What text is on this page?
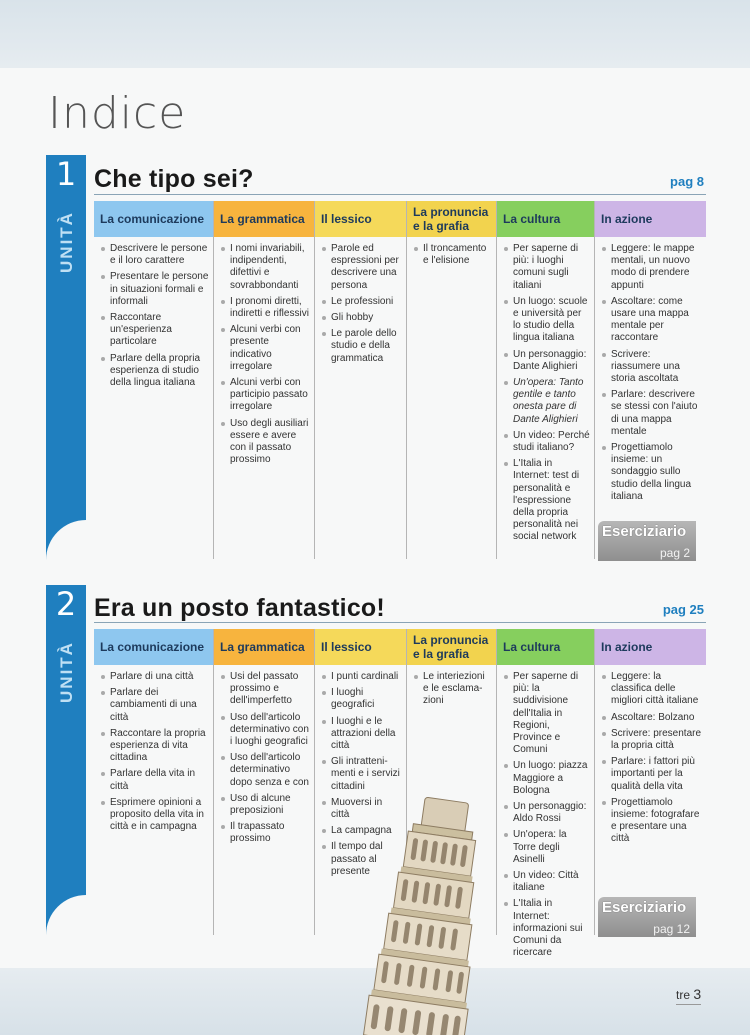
Indice
1
UNITÀ
Che tipo sei?	pag 8
La comunicazione
Descrivere le persone e il loro carattere
Presentare le persone in situazioni formali e informali
Raccontare un'esperienza particolare
Parlare della propria esperienza di studio della lingua italiana
La grammatica
I nomi invariabili, indipendenti, difettivi e sovrabbondanti
I pronomi diretti, indiretti e riflessivi
Alcuni verbi con presente indicativo irregolare
Alcuni verbi con participio passato irregolare
Uso degli ausiliari essere e avere con il passato prossimo
Il lessico
Parole ed espressioni per descrivere una persona
Le professioni
Gli hobby
Le parole dello studio e della grammatica
La pronuncia e la grafia
Il troncamento e l'elisione
La cultura
Per saperne di più: i luoghi comuni sugli italiani
Un luogo: scuole e università per lo studio della lingua italiana
Un personaggio: Dante Alighieri
Un'opera: Tanto gentile e tanto onesta pare di Dante Alighieri
Un video: Perché studi italiano?
L'Italia in Internet: test di personalità e l'espressione della propria personalità nei social network
In azione
Leggere: le mappe mentali, un nuovo modo di prendere appunti
Ascoltare: come usare una mappa mentale per raccontare
Scrivere: riassumere una storia ascoltata
Parlare: descrivere se stessi con l'aiuto di una mappa mentale
Progettiamolo insieme: un sondaggio sullo studio della lingua italiana
Eserciziario
pag 2
2
UNITÀ
Era un posto fantastico!	pag 25
La comunicazione
Parlare di una città
Parlare dei cambiamenti di una città
Raccontare la propria esperienza di vita cittadina
Parlare della vita in città
Esprimere opinioni a proposito della vita in città e in campagna
La grammatica
Usi del passato prossimo e dell'imperfetto
Uso dell'articolo determinativo con i luoghi geografici
Uso dell'articolo determinativo dopo senza e con
Uso di alcune preposizioni
Il trapassato prossimo
Il lessico
I punti cardinali
I luoghi geografici
I luoghi e le attrazioni della città
Gli intratteni-menti e i servizi cittadini
Muoversi in città
La campagna
Il tempo dal passato al presente
La pronuncia e la grafia
Le interiezioni e le esclama-zioni
La cultura
Per saperne di più: la suddivisione dell'Italia in Regioni, Province e Comuni
Un luogo: piazza Maggiore a Bologna
Un personaggio: Aldo Rossi
Un'opera: la Torre degli Asinelli
Un video: Città italiane
L'Italia in Internet: informazioni sui Comuni da ricercare
In azione
Leggere: la classifica delle migliori città italiane
Ascoltare: Bolzano
Scrivere: presentare la propria città
Parlare: i fattori più importanti per la qualità della vita
Progettiamolo insieme: fotografare e presentare una città
Eserciziario
pag 12
tre 3
